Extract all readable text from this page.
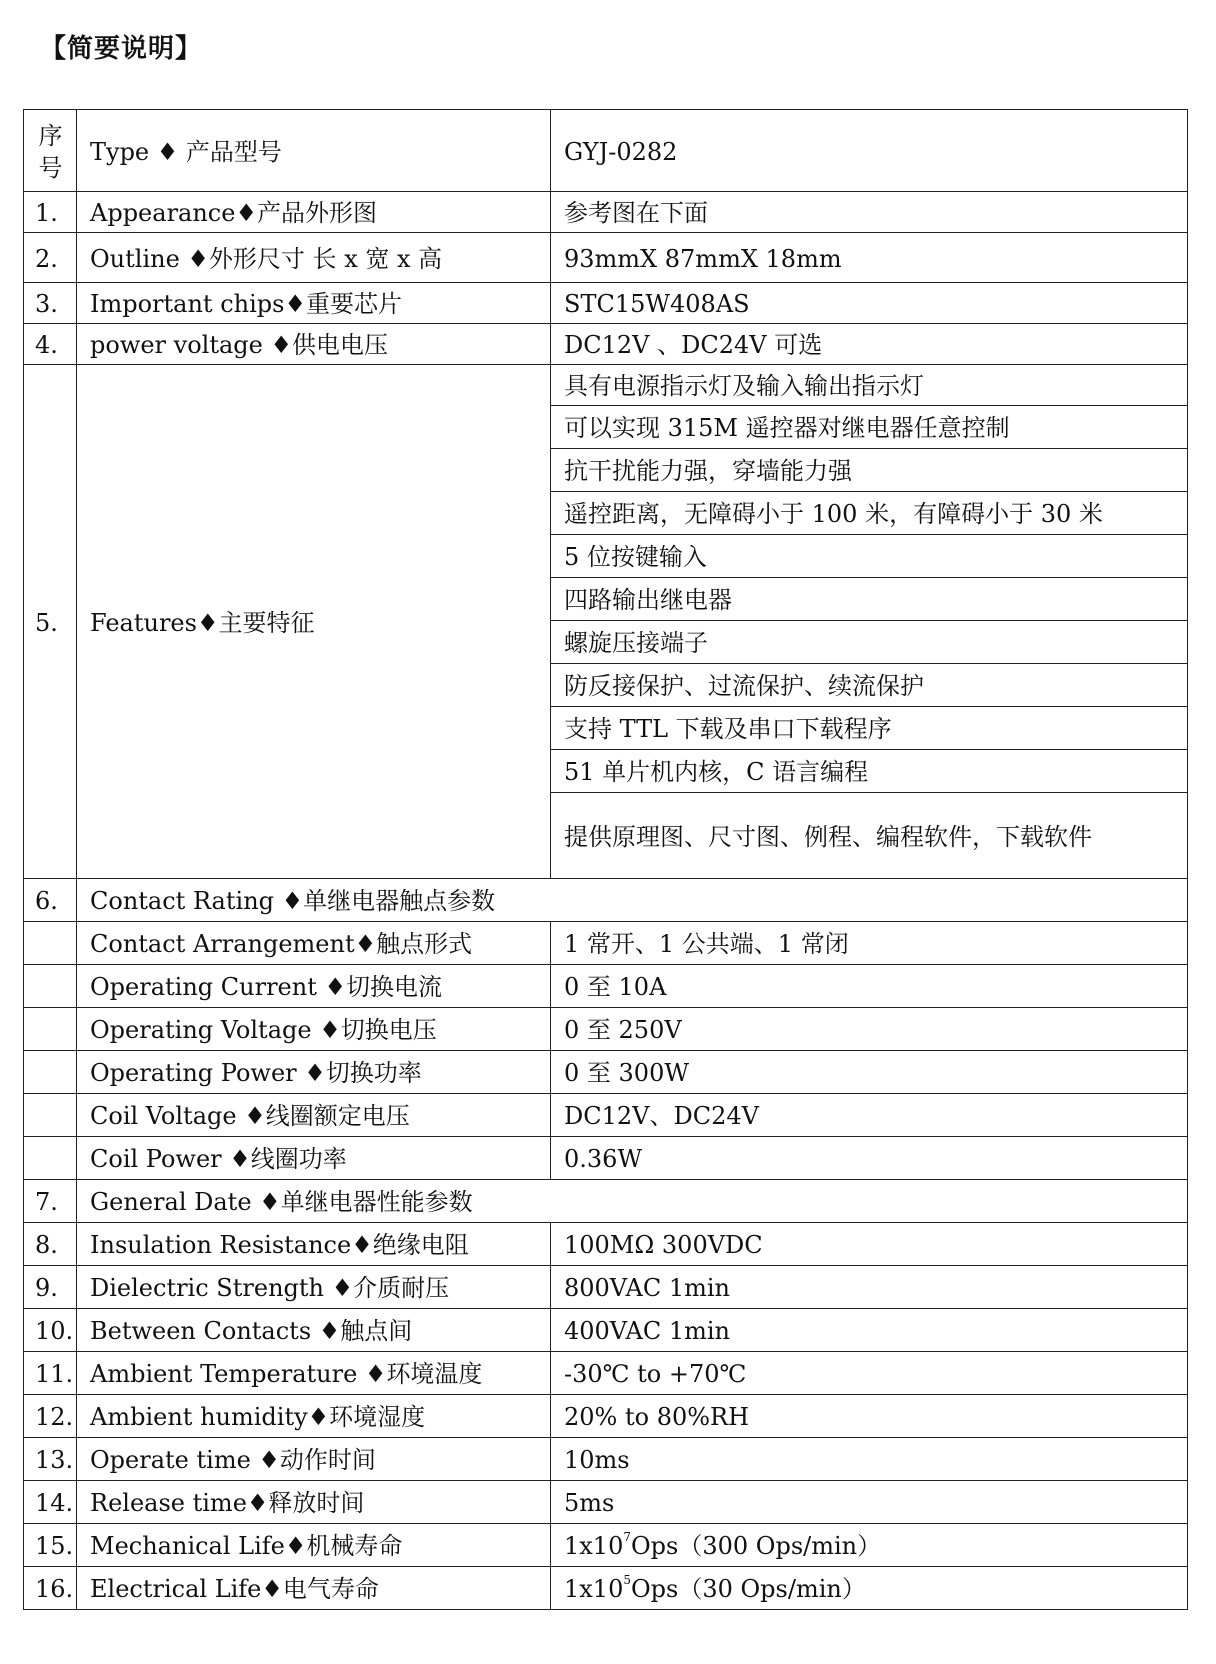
【简要说明】
序
号	Type ♦ 产品型号	GYJ-0282
1.	Appearance♦产品外形图	参考图在下面
2.	Outline ♦外形尺寸 长 x 宽 x 高	93mmX 87mmX 18mm
3.	Important chips♦重要芯片	STC15W408AS
4.	power voltage ♦供电电压	DC12V 、DC24V 可选
5.	Features♦主要特征	具有电源指示灯及输入输出指示灯
		可以实现 315M 遥控器对继电器任意控制
		抗干扰能力强，穿墙能力强
		遥控距离，无障碍小于 100 米，有障碍小于 30 米
		5 位按键输入
		四路输出继电器
		螺旋压接端子
		防反接保护、过流保护、续流保护
		支持 TTL 下载及串口下载程序
		51 单片机内核，C 语言编程
		提供原理图、尺寸图、例程、编程软件，下载软件
6.	Contact Rating ♦单继电器触点参数	
	Contact Arrangement♦触点形式	1 常开、1 公共端、1 常闭
	Operating Current ♦切换电流	0 至 10A
	Operating Voltage ♦切换电压	0 至 250V
	Operating Power ♦切换功率	0 至 300W
	Coil Voltage ♦线圈额定电压	DC12V、DC24V
	Coil Power ♦线圈功率	0.36W
7.	General Date ♦单继电器性能参数	
8.	Insulation Resistance♦绝缘电阻	100MΩ 300VDC
9.	Dielectric Strength ♦介质耐压	800VAC 1min
10.	Between Contacts ♦触点间	400VAC 1min
11.	Ambient Temperature ♦环境温度	-30℃ to +70℃
12.	Ambient humidity♦环境湿度	20% to 80%RH
13.	Operate time ♦动作时间	10ms
14.	Release time♦释放时间	5ms
15.	Mechanical Life♦机械寿命	$1x10^7Ops(300$ Ops/min）
16.	Electrical Life♦电气寿命	$1x10^5Ops(30$ Ops/min）
